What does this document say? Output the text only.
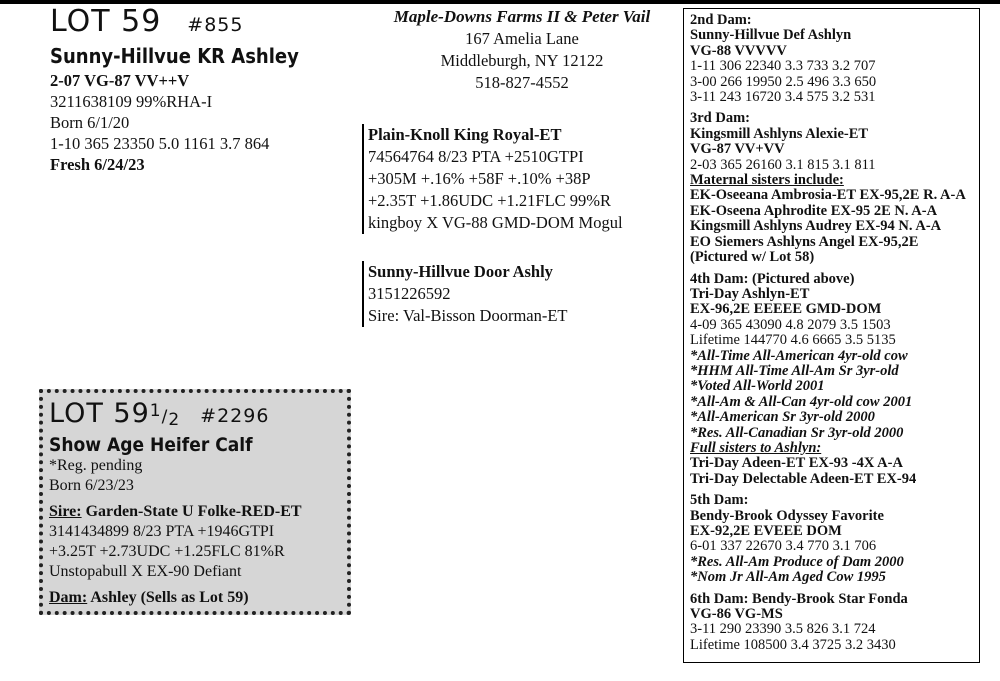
LOT 59 #855
Sunny-Hillvue KR Ashley
2-07 VG-87 VV++V
3211638109 99%RHA-I
Born 6/1/20
1-10 365 23350 5.0 1161 3.7 864
Fresh 6/24/23
Maple-Downs Farms II & Peter Vail
167 Amelia Lane
Middleburgh, NY 12122
518-827-4552
Plain-Knoll King Royal-ET
74564764 8/23 PTA +2510GTPI
+305M +.16% +58F +.10% +38P
+2.35T +1.86UDC +1.21FLC 99%R
kingboy X VG-88 GMD-DOM Mogul
Sunny-Hillvue Door Ashly
3151226592
Sire: Val-Bisson Doorman-ET
LOT $59^1/2$ #2296
Show Age Heifer Calf
*Reg. pending
Born 6/23/23
Sire: Garden-State U Folke-RED-ET
3141434899 8/23 PTA +1946GTPI
+3.25T +2.73UDC +1.25FLC 81%R
Unstopabull X EX-90 Defiant
Dam: Ashley (Sells as Lot 59)
2nd Dam:
Sunny-Hillvue Def Ashlyn
VG-88 VVVVV
1-11 306 22340 3.3 733 3.2 707
3-00 266 19950 2.5 496 3.3 650
3-11 243 16720 3.4 575 3.2 531
3rd Dam:
Kingsmill Ashlyns Alexie-ET
VG-87 VV+VV
2-03 365 26160 3.1 815 3.1 811
Maternal sisters include:
EK-Oseeana Ambrosia-ET EX-95,2E R. A-A
EK-Oseena Aphrodite EX-95 2E N. A-A
Kingsmill Ashlyns Audrey EX-94 N. A-A
EO Siemers Ashlyns Angel EX-95,2E
(Pictured w/ Lot 58)
4th Dam: (Pictured above)
Tri-Day Ashlyn-ET
EX-96,2E EEEEE GMD-DOM
4-09 365 43090 4.8 2079 3.5 1503
Lifetime 144770 4.6 6665 3.5 5135
*All-Time All-American 4yr-old cow
*HHM All-Time All-Am Sr 3yr-old
*Voted All-World 2001
*All-Am & All-Can 4yr-old cow 2001
*All-American Sr 3yr-old 2000
*Res. All-Canadian Sr 3yr-old 2000
Full sisters to Ashlyn:
Tri-Day Adeen-ET EX-93 -4X A-A
Tri-Day Delectable Adeen-ET EX-94
5th Dam:
Bendy-Brook Odyssey Favorite
EX-92,2E EVEEE DOM
6-01 337 22670 3.4 770 3.1 706
*Res. All-Am Produce of Dam 2000
*Nom Jr All-Am Aged Cow 1995
6th Dam: Bendy-Brook Star Fonda
VG-86 VG-MS
3-11 290 23390 3.5 826 3.1 724
Lifetime 108500 3.4 3725 3.2 3430
